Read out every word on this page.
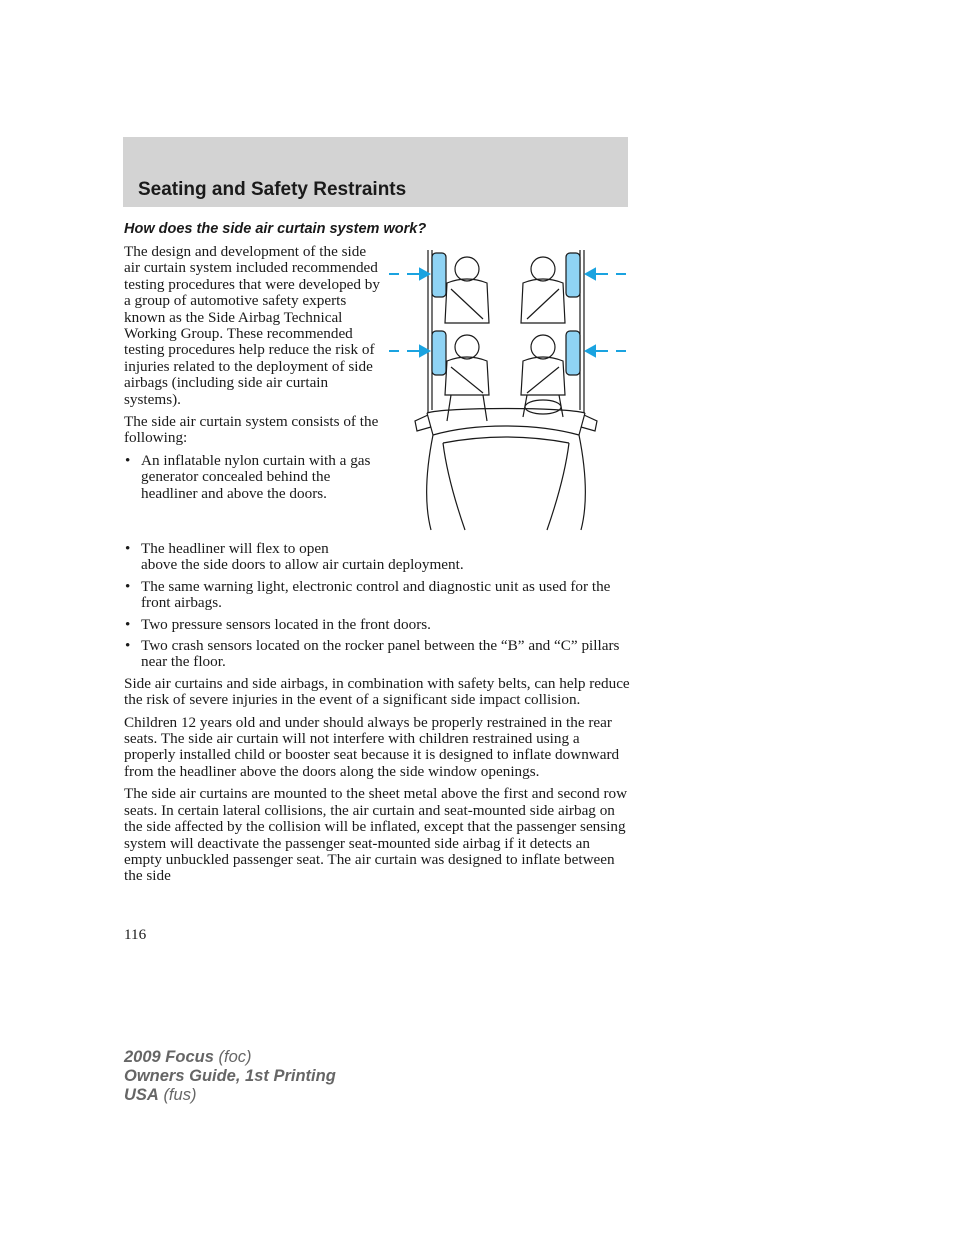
Seating and Safety Restraints
How does the side air curtain system work?

The design and development of the side air curtain system included recommended testing procedures that were developed by a group of automotive safety experts known as the Side Airbag Technical Working Group. These recommended testing procedures help reduce the risk of injuries related to the deployment of side airbags (including side air curtain systems).

The side air curtain system consists of the following:

• An inflatable nylon curtain with a gas generator concealed behind the headliner and above the doors.
• The headliner will flex to open
above the side doors to allow air curtain deployment.
• The same warning light, electronic control and diagnostic unit as used for the front airbags.
• Two pressure sensors located in the front doors.
• Two crash sensors located on the rocker panel between the “B” and “C” pillars near the floor.

Side air curtains and side airbags, in combination with safety belts, can help reduce the risk of severe injuries in the event of a significant side impact collision.

Children 12 years old and under should always be properly restrained in the rear seats. The side air curtain will not interfere with children restrained using a properly installed child or booster seat because it is designed to inflate downward from the headliner above the doors along the side window openings.

The side air curtains are mounted to the sheet metal above the first and second row seats. In certain lateral collisions, the air curtain and seat-mounted side airbag on the side affected by the collision will be inflated, except that the passenger sensing system will deactivate the passenger seat-mounted side airbag if it detects an empty unbuckled passenger seat. The air curtain was designed to inflate between the side

116
2009 Focus (foc)
Owners Guide, 1st Printing
USA (fus)
